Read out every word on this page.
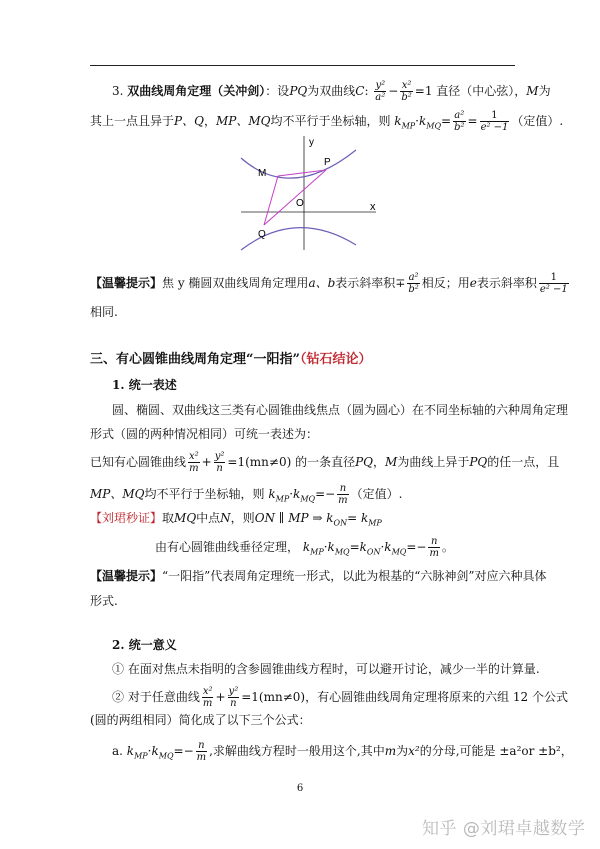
3. 双曲线周角定理（关冲剑）：设PQ为双曲线C: $\frac{\text{y²}}{\text{a²}} - \frac{\text{x²}}{\text{b²}} =1$ 直径（中心弦），M为
其上一点且异于P、Q，MP、MQ均不平行于坐标轴，则 $k_{MP}\cdot k_{MQ}= \frac{\text{a²}}{\text{b²}} = \frac{1}{\text{e² −1}}$ （定值）.
y
x
O
M
P
Q
【温馨提示】焦 y 椭圆双曲线周角定理用a、b表示斜率积∓ $\frac{\text{a²}}{\text{b²}}$ 相反；用e表示斜率积 $\frac{1}{\text{e² −1}}$
相同.
三、有心圆锥曲线周角定理“一阳指”（钻石结论）
1. 统一表述
圆、椭圆、双曲线这三类有心圆锥曲线焦点（圆为圆心）在不同坐标轴的六种周角定理
形式（圆的两种情况相同）可统一表述为：
已知有心圆锥曲线 $\frac{\text{x²}}{m} + \frac{\text{y²}}{n} =1(mn\ne 0)$ 的一条直径PQ，M为曲线上异于PQ的任一点，且
MP、MQ均不平行于坐标轴，则 $k_{MP}\cdot k_{MQ}=- \frac{n}{m}$ （定值）.
【刘珺秒证】取MQ中点N，则ON ∥ MP ⇒ $k_{ON}= k_{MP}$
由有心圆锥曲线垂径定理， $k_{MP}\cdot k_{MQ}=k_{ON}\cdot k_{MQ}=- \frac{n}{m}$ 。
【温馨提示】“一阳指”代表周角定理统一形式，以此为根基的“六脉神剑”对应六种具体
形式.
2. 统一意义
① 在面对焦点未指明的含参圆锥曲线方程时，可以避开讨论，减少一半的计算量.
② 对于任意曲线 $\frac{\text{x²}}{m} + \frac{\text{y²}}{n} =1(mn\ne 0)$，有心圆锥曲线周角定理将原来的六组 12 个公式
(圆的两组相同）简化成了以下三个公式：
a. $k_{MP}\cdot k_{MQ}=- \frac{n}{m}$ ,求解曲线方程时一般用这个,其中m为x²的分母,可能是 ±a²or ±b²，
6
知乎 @刘珺卓越数学
